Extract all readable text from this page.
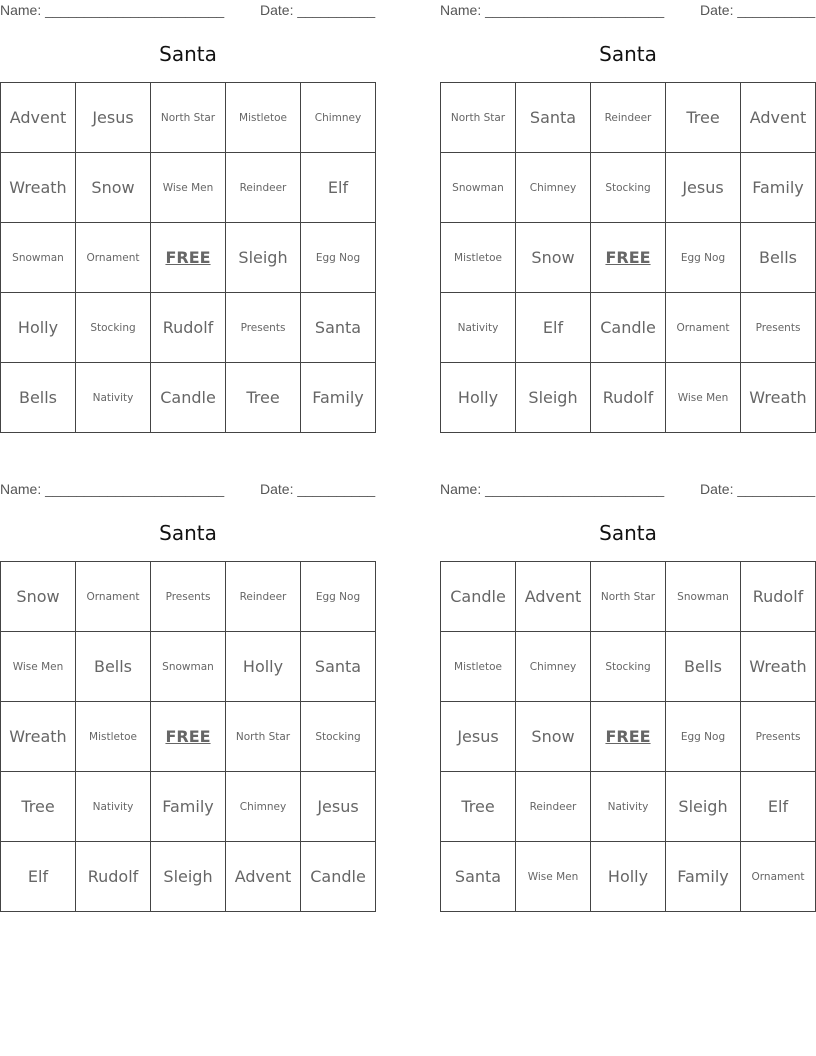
Name: _______________________	Date: __________
Santa
Advent	Jesus	North Star	Mistletoe	Chimney
Wreath	Snow	Wise Men	Reindeer	Elf
Snowman	Ornament	FREE	Sleigh	Egg Nog
Holly	Stocking	Rudolf	Presents	Santa
Bells	Nativity	Candle	Tree	Family
Name: _______________________	Date: __________
Santa
North Star	Santa	Reindeer	Tree	Advent
Snowman	Chimney	Stocking	Jesus	Family
Mistletoe	Snow	FREE	Egg Nog	Bells
Nativity	Elf	Candle	Ornament	Presents
Holly	Sleigh	Rudolf	Wise Men	Wreath
Name: _______________________	Date: __________
Santa
Snow	Ornament	Presents	Reindeer	Egg Nog
Wise Men	Bells	Snowman	Holly	Santa
Wreath	Mistletoe	FREE	North Star	Stocking
Tree	Nativity	Family	Chimney	Jesus
Elf	Rudolf	Sleigh	Advent	Candle
Name: _______________________	Date: __________
Santa
Candle	Advent	North Star	Snowman	Rudolf
Mistletoe	Chimney	Stocking	Bells	Wreath
Jesus	Snow	FREE	Egg Nog	Presents
Tree	Reindeer	Nativity	Sleigh	Elf
Santa	Wise Men	Holly	Family	Ornament
